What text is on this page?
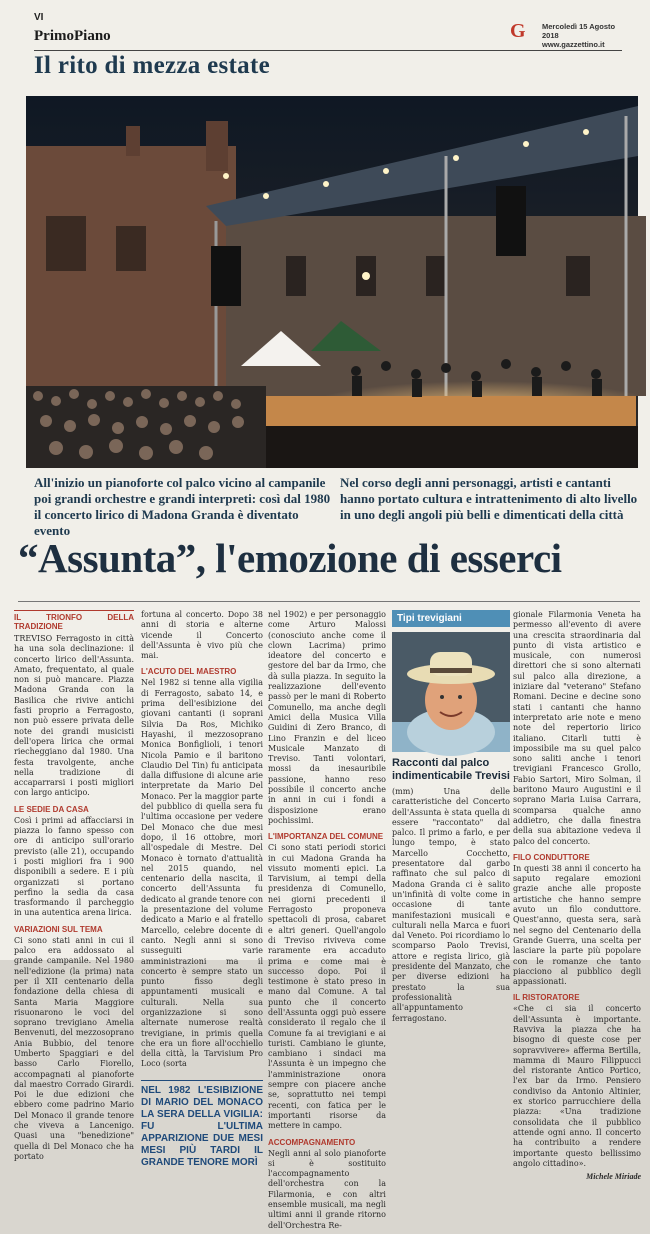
VI
PrimoPiano	G Mercoledì 15 Agosto 2018
www.gazzettino.it
Il rito di mezza estate
All'inizio un pianoforte col palco vicino al campanile poi grandi orchestre e grandi interpreti: così dal 1980 il concerto lirico di Madona Granda è diventato evento
Nel corso degli anni personaggi, artisti e cantanti hanno portato cultura e intrattenimento di alto livello in uno degli angoli più belli e dimenticati della città
“Assunta”, l'emozione di esserci
IL TRIONFO DELLA TRADIZIONE

TREVISO Ferragosto in città ha una sola declinazione: il concerto lirico dell'Assunta. Amato, frequentato, al quale non si può mancare. Piazza Madona Granda con la Basilica che rivive antichi fasti proprio a Ferragosto, non può essere privata delle note dei grandi musicisti dell'opera lirica che ormai riecheggiano dal 1980. Una festa travolgente, anche nella tradizione di accaparrarsi i posti migliori con largo anticipo.

LE SEDIE DA CASA

Così i primi ad affacciarsi in piazza lo fanno spesso con ore di anticipo sull'orario previsto (alle 21), occupando i posti migliori fra i 900 disponibili a sedere. E i più organizzati si portano perfino la sedia da casa trasformando il parcheggio in una autentica arena lirica.

VARIAZIONI SUL TEMA

Ci sono stati anni in cui il palco era addossato al grande campanile. Nel 1980 nell'edizione (la prima) nata per il XII centenario della fondazione della chiesa di Santa Maria Maggiore risuonarono le voci del soprano trevigiano Amelia Benvenuti, del mezzosoprano Ania Bubbio, del tenore Umberto Spaggiari e del basso Carlo Fiorello, accompagnati al pianoforte dal maestro Corrado Girardi. Poi le due edizioni che ebbero come padrino Mario Del Monaco il grande tenore che viveva a Lancenigo. Quasi una "benedizione" quella di Del Monaco che ha portato

fortuna al concerto. Dopo 38 anni di storia e alterne vicende il Concerto dell'Assunta è vivo più che mai.

L'ACUTO DEL MAESTRO

Nel 1982 si tenne alla vigilia di Ferragosto, sabato 14, e prima dell'esibizione dei giovani cantanti (i soprani Silvia Da Ros, Michiko Hayashi, il mezzosoprano Monica Bonfiglioli, i tenori Nicola Pamio e il baritono Claudio Del Tin) fu anticipata dalla diffusione di alcune arie interpretate da Mario Del Monaco. Per la maggior parte del pubblico di quella sera fu l'ultima occasione per vedere Del Monaco che due mesi dopo, il 16 ottobre, morì all'ospedale di Mestre. Del Monaco è tornato d'attualità nel 2015 quando, nel centenario della nascita, il concerto dell'Assunta fu dedicato al grande tenore con la presentazione del volume dedicato a Mario e al fratello Marcello, celebre docente di canto. Negli anni si sono susseguiti varie amministrazioni ma il concerto è sempre stato un punto fisso degli appuntamenti musicali e culturali. Nella sua organizzazione si sono alternate numerose realtà trevigiane, in primis quella che era un fiore all'occhiello della città, la Tarvisium Pro Loco (sorta

NEL 1982 L'ESIBIZIONE DI MARIO DEL MONACO LA SERA DELLA VIGILIA: FU L'ULTIMA APPARIZIONE DUE MESI MESI PIÙ TARDI IL GRANDE TENORE MORÌ

nel 1902) e per personaggio come Arturo Malossi (conosciuto anche come il clown Lacrima) primo ideatore del concerto e gestore del bar da Irmo, che dà sulla piazza. In seguito la realizzazione dell'evento passò per le mani di Roberto Comunello, ma anche degli Amici della Musica Villa Guidini di Zero Branco, di Lino Franzin e del liceo Musicale Manzato di Treviso. Tanti volontari, mossi da inesauribile passione, hanno reso possibile il concerto anche in anni in cui i fondi a disposizione erano pochissimi.

L'IMPORTANZA DEL COMUNE

Ci sono stati periodi storici in cui Madona Granda ha vissuto momenti epici. La Tarvisium, ai tempi della presidenza di Comunello, nei giorni precedenti il Ferragosto proponeva spettacoli di prosa, cabaret e altri generi. Quell'angolo di Treviso riviveva come raramente era accaduto prima e come mai è successo dopo. Poi il testimone è stato preso in mano dal Comune. A tal punto che il concerto dell'Assunta oggi può essere considerato il regalo che il Comune fa ai trevigiani e ai turisti. Cambiano le giunte, cambiano i sindaci ma l'Assunta è un impegno che l'amministrazione onora sempre con piacere anche se, soprattutto nei tempi recenti, con fatica per le importanti risorse da mettere in campo.

ACCOMPAGNAMENTO

Negli anni al solo pianoforte si è sostituito l'accompagnamento dell'orchestra con la Filarmonia, e con altri ensemble musicali, ma negli ultimi anni il grande ritorno dell'Orchestra Re-

Tipi trevigiani
Racconti dal palco indimenticabile Trevisi
(mm) Una delle caratteristiche del Concerto dell'Assunta è stata quella di essere "raccontato" dal palco. Il primo a farlo, e per lungo tempo, è stato Marcello Cocchetto, presentatore dal garbo raffinato che sul palco di Madona Granda ci è salito un'infinità di volte come in occasione di tante manifestazioni musicali e culturali nella Marca e fuori dal Veneto. Poi ricordiamo lo scomparso Paolo Trevisi, attore e regista lirico, già presidente del Manzato, che per diverse edizioni ha prestato la sua professionalità all'appuntamento ferragostano.

gionale Filarmonia Veneta ha permesso all'evento di avere una crescita straordinaria dal punto di vista artistico e musicale, con numerosi direttori che si sono alternati sul palco alla direzione, a iniziare dal "veterano" Stefano Romani. Decine e decine sono stati i cantanti che hanno interpretato arie note e meno note del repertorio lirico italiano. Citarli tutti è impossibile ma su quel palco sono saliti anche i tenori trevigiani Francesco Grollo, Fabio Sartori, Miro Solman, il baritono Mauro Augustini e il soprano Maria Luisa Carrara, scomparsa qualche anno addietro, che dalla finestra della sua abitazione vedeva il palco del concerto.

FILO CONDUTTORE

In questi 38 anni il concerto ha saputo regalare emozioni grazie anche alle proposte artistiche che hanno sempre avuto un filo conduttore. Quest'anno, questa sera, sarà nel segno del Centenario della Grande Guerra, una scelta per lasciare la parte più popolare con le romanze che tanto piacciono al pubblico degli appassionati.

IL RISTORATORE

«Che ci sia il concerto dell'Assunta è importante. Ravviva la piazza che ha bisogno di queste cose per sopravvivere» afferma Bertilla, mamma di Mauro Filippucci del ristorante Antico Portico, l'ex bar da Irmo. Pensiero condiviso da Antonio Altinier, ex storico parrucchiere della piazza: «Una tradizione consolidata che il pubblico attende ogni anno. Il concerto ha contribuito a rendere importante questo bellissimo angolo cittadino».

Michele Miriade
